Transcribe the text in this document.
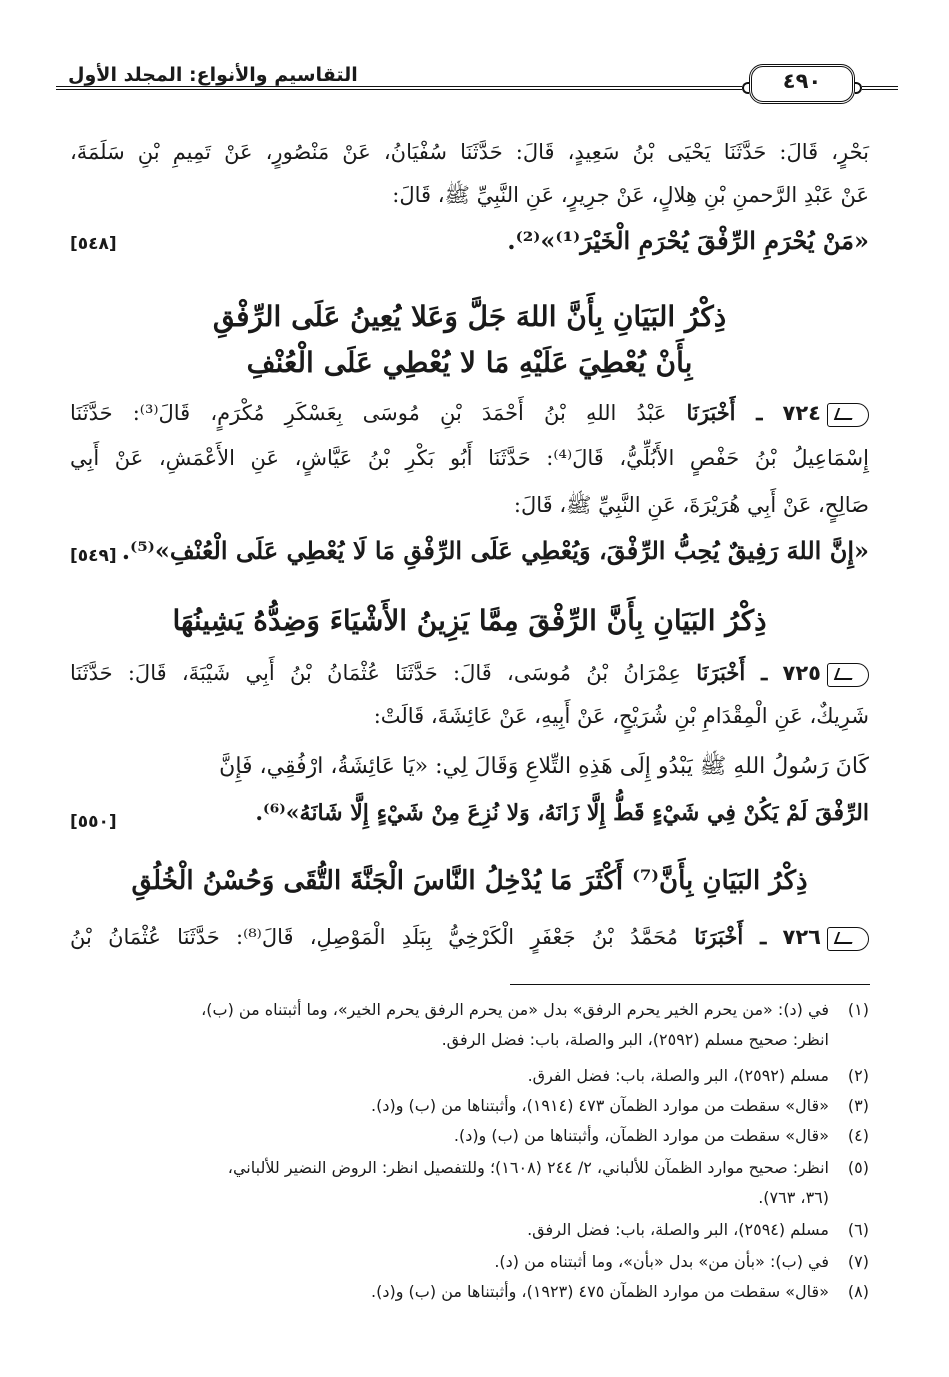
التقاسيم والأنواع: المجلد الأول	٤٩٠
بَحْرٍ، قَالَ: حَدَّثَنَا يَحْيَى بْنُ سَعِيدٍ، قَالَ: حَدَّثَنَا سُفْيَانُ، عَنْ مَنْصُورٍ، عَنْ تَمِيمِ بْنِ سَلَمَةَ،
عَنْ عَبْدِ الرَّحمنِ بْنِ هِلالٍ، عَنْ جرِيرٍ، عَنِ النَّبِيِّ ﷺ، قَالَ:
«مَنْ يُحْرَمِ الرِّفْقَ يُحْرَمِ الْخَيْرَ⁽¹⁾»⁽²⁾.
[٥٤٨]
ذِكْرُ البَيَانِ بِأَنَّ اللهَ جَلَّ وَعَلا يُعِينُ عَلَى الرِّفْقِ
بِأَنْ يُعْطِيَ عَلَيْهِ مَا لا يُعْطِي عَلَى الْعُنْفِ
٧٢٤ ـ أَخْبَرَنَا عَبْدُ اللهِ بْنُ أَحْمَدَ بْنِ مُوسَى بِعَسْكَرِ مُكْرَمٍ، قَالَ⁽³⁾: حَدَّثَنَا
إِسْمَاعِيلُ بْنُ حَفْصٍ الأَبُلِّيُّ، قَالَ⁽⁴⁾: حَدَّثَنَا أَبُو بَكْرِ بْنُ عَيَّاشٍ، عَنِ الأَعْمَشِ، عَنْ أَبِي
صَالِحٍ، عَنْ أَبِي هُرَيْرَةَ، عَنِ النَّبِيِّ ﷺ، قَالَ:
«إِنَّ اللهَ رَفِيقٌ يُحِبُّ الرِّفْقَ، وَيُعْطِي عَلَى الرِّفْقِ مَا لَا يُعْطِي عَلَى الْعُنْفِ»⁽⁵⁾.
[٥٤٩]
ذِكْرُ البَيَانِ بِأَنَّ الرِّفْقَ مِمَّا يَزِينُ الأَشْيَاءَ وَضِدُّهُ يَشِينُهَا
٧٢٥ ـ أَخْبَرَنَا عِمْرَانُ بْنُ مُوسَى، قَالَ: حَدَّثَنَا عُثْمَانُ بْنُ أَبِي شَيْبَةَ، قَالَ: حَدَّثَنَا
شَرِيكٌ، عَنِ الْمِقْدَامِ بْنِ شُرَيْحٍ، عَنْ أَبِيهِ، عَنْ عَائِشَةَ، قَالَتْ:
كَانَ رَسُولُ اللهِ ﷺ يَبْدُو إِلَى هَذِهِ التِّلاعِ وَقَالَ لِي: «يَا عَائِشَةُ، ارْفُقِي، فَإِنَّ
الرِّفْقَ لَمْ يَكُنْ فِي شَيْءٍ قَطُّ إِلَّا زَانَهُ، وَلا نُزِعَ مِنْ شَيْءٍ إِلَّا شَانَهُ»⁽⁶⁾.
[٥٥٠]
ذِكْرُ البَيَانِ بِأَنَّ⁽⁷⁾ أَكْثَرَ مَا يُدْخِلُ النَّاسَ الْجَنَّةَ التُّقَى وَحُسْنُ الْخُلُقِ
٧٢٦ ـ أَخْبَرَنَا مُحَمَّدُ بْنُ جَعْفَرٍ الْكَرْخِيُّ بِبَلَدِ الْمَوْصِلِ، قَالَ⁽⁸⁾: حَدَّثَنَا عُثْمَانُ بْنُ
(١)في (د): «من يحرم الخير يحرم الرفق» بدل «من يحرم الرفق يحرم الخير»، وما أثبتناه من (ب)،
انظر: صحيح مسلم (٢٥٩٢)، البر والصلة، باب: فضل الرفق.
(٢)مسلم (٢٥٩٢)، البر والصلة، باب: فضل الفرق.
(٣)«قال» سقطت من موارد الظمآن ٤٧٣ (١٩١٤)، وأثبتناها من (ب) و(د).
(٤)«قال» سقطت من موارد الظمآن، وأثبتناها من (ب) و(د).
(٥)انظر: صحيح موارد الظمآن للألباني، ٢/ ٢٤٤ (١٦٠٨)؛ وللتفصيل انظر: الروض النضير للألباني،
(٣٦، ٧٦٣).
(٦)مسلم (٢٥٩٤)، البر والصلة، باب: فضل الرفق.
(٧)في (ب): «بأن من» بدل «بأن»، وما أثبتناه من (د).
(٨)«قال» سقطت من موارد الظمآن ٤٧٥ (١٩٢٣)، وأثبتناها من (ب) و(د).
